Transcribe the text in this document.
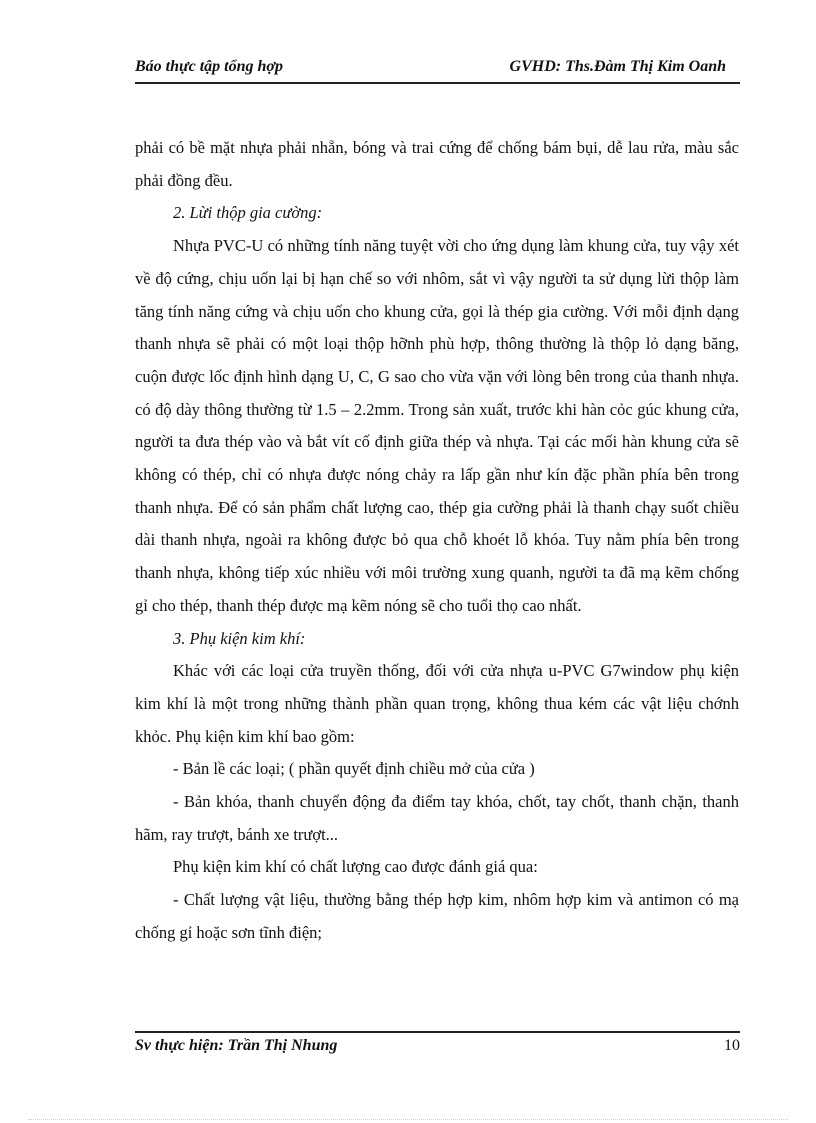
Báo thực tập tổng hợp	GVHD: Ths.Đàm Thị Kim Oanh

phải có bề mặt nhựa phải nhẵn, bóng và trai cứng để chống bám bụi, dễ lau rửa, màu sắc phải đồng đều.

2. Lừi thộp gia cường:

Nhựa PVC-U có những tính năng tuyệt vời cho ứng dụng làm khung cửa, tuy vậy xét về độ cứng, chịu uốn lại bị hạn chế so với nhôm, sắt vì vậy người ta sử dụng lừi thộp làm tăng tính năng cứng và chịu uốn cho khung cửa, gọi là thép gia cường. Với mỗi định dạng thanh nhựa sẽ phải có một loại thộp hỡnh phù hợp, thông thường là thộp lỏ dạng băng, cuộn được lốc định hình dạng U, C, G sao cho vừa vặn với lòng bên trong của thanh nhựa. có độ dày thông thường từ 1.5 – 2.2mm. Trong sản xuất, trước khi hàn cỏc gúc khung cửa, người ta đưa thép vào và bắt vít cố định giữa thép và nhựa. Tại các mối hàn khung cửa sẽ không có thép, chỉ có nhựa được nóng chảy ra lấp gần như kín đặc phần phía bên trong thanh nhựa. Để có sản phẩm chất lượng cao, thép gia cường phải là thanh chạy suốt chiều dài thanh nhựa, ngoài ra không được bỏ qua chỗ khoét lỗ khóa. Tuy nằm phía bên trong thanh nhựa, không tiếp xúc nhiều với môi trường xung quanh, người ta đã mạ kẽm chống gỉ cho thép, thanh thép được mạ kẽm nóng sẽ cho tuổi thọ cao nhất.

3. Phụ kiện kim khí:

Khác với các loại cửa truyền thống, đối với cửa nhựa u-PVC G7window phụ kiện kim khí là một trong những thành phần quan trọng, không thua kém các vật liệu chớnh khỏc. Phụ kiện kim khí bao gồm:

- Bản lề các loại; ( phần quyết định chiều mở của cửa )

- Bản khóa, thanh chuyển động đa điểm tay khóa, chốt, tay chốt, thanh chặn, thanh hãm, ray trượt, bánh xe trượt...

Phụ kiện kim khí có chất lượng cao được đánh giá qua:

- Chất lượng vật liệu, thường bằng thép hợp kim, nhôm hợp kim và antimon có mạ chống gỉ hoặc sơn tĩnh điện;

Sv thực hiện: Trần Thị Nhung	10
